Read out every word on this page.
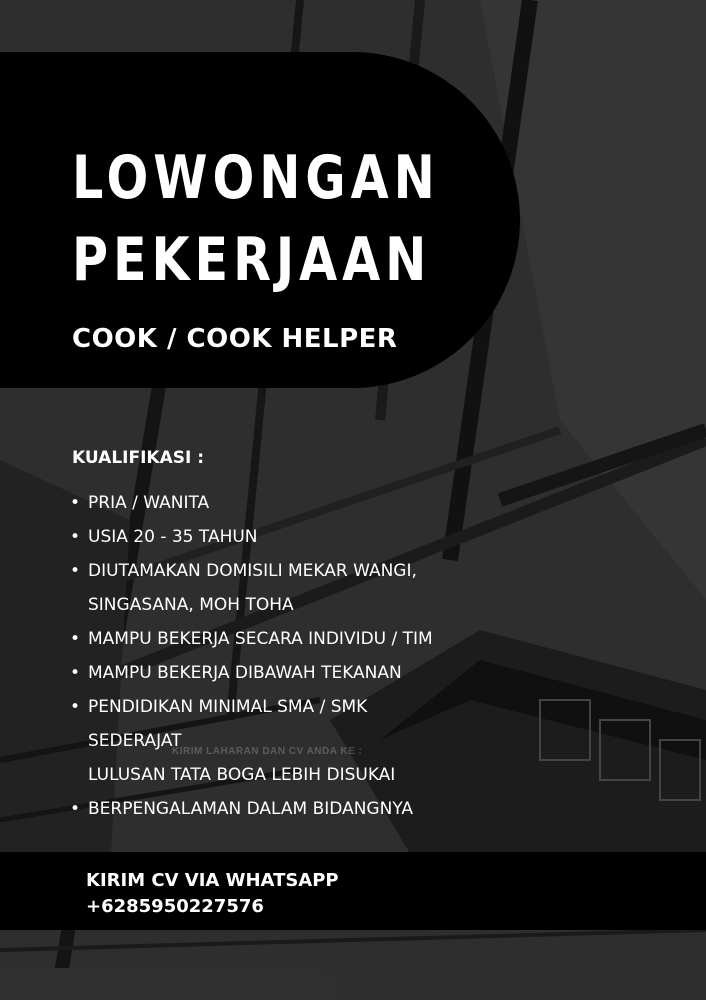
LOWONGAN
PEKERJAAN
COOK / COOK HELPER
KUALIFIKASI :
• PRIA / WANITA
• USIA 20 - 35 TAHUN
• DIUTAMAKAN DOMISILI MEKAR WANGI,
SINGASANA, MOH TOHA
• MAMPU BEKERJA SECARA INDIVIDU / TIM
• MAMPU BEKERJA DIBAWAH TEKANAN
• PENDIDIKAN MINIMAL SMA / SMK
SEDERAJAT
LULUSAN TATA BOGA LEBIH DISUKAI
• BERPENGALAMAN DALAM BIDANGNYA
KIRIM LAHARAN DAN CV ANDA KE :
KIRIM CV VIA WHATSAPP
+6285950227576
